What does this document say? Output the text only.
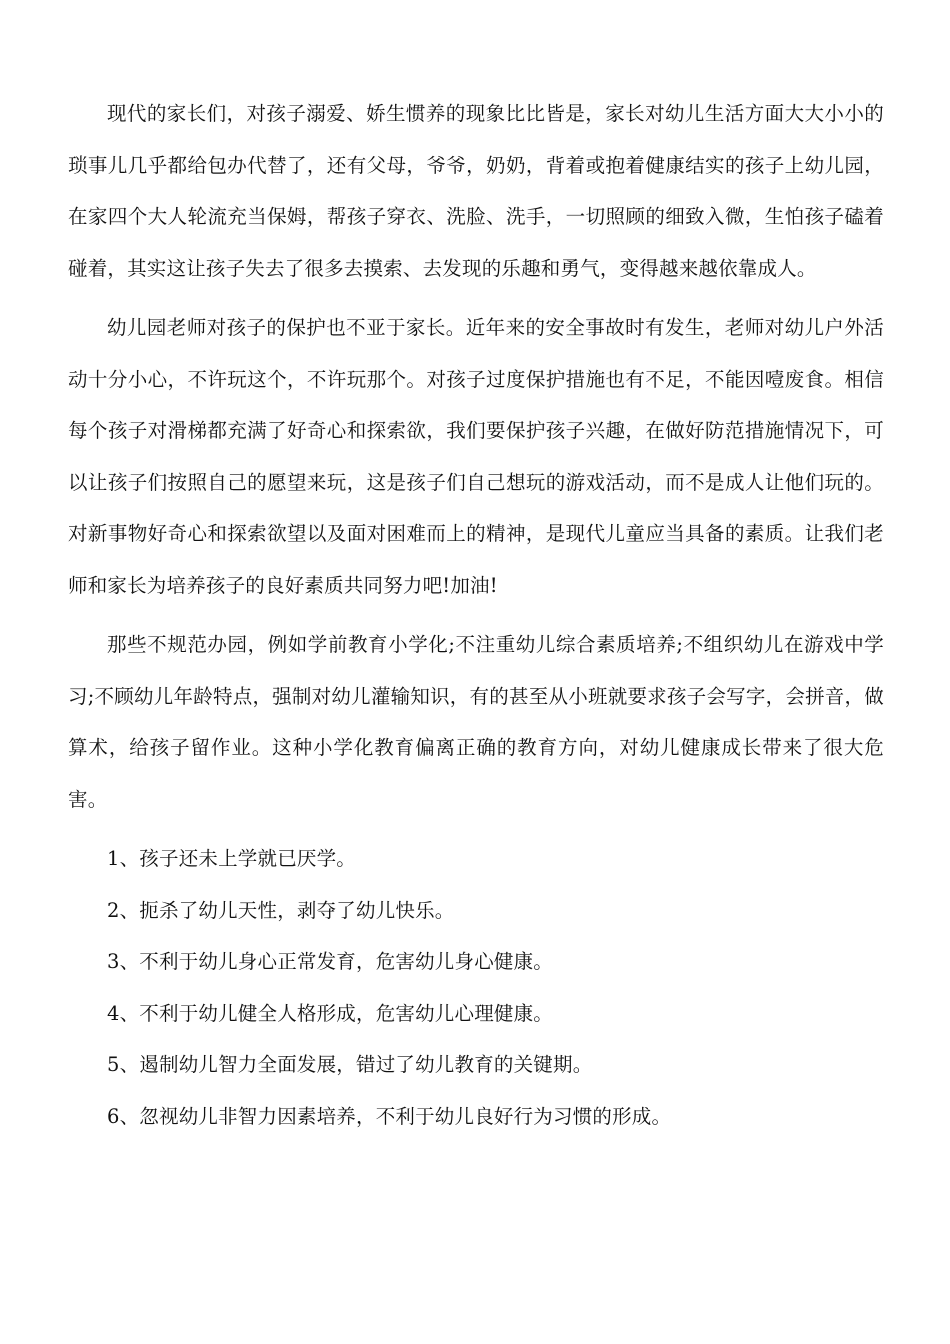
现代的家长们，对孩子溺爱、娇生惯养的现象比比皆是，家长对幼儿生活方面大大小小的琐事儿几乎都给包办代替了，还有父母，爷爷，奶奶，背着或抱着健康结实的孩子上幼儿园，在家四个大人轮流充当保姆，帮孩子穿衣、洗脸、洗手，一切照顾的细致入微，生怕孩子磕着碰着，其实这让孩子失去了很多去摸索、去发现的乐趣和勇气，变得越来越依靠成人。

幼儿园老师对孩子的保护也不亚于家长。近年来的安全事故时有发生，老师对幼儿户外活动十分小心，不许玩这个，不许玩那个。对孩子过度保护措施也有不足，不能因噎废食。相信每个孩子对滑梯都充满了好奇心和探索欲，我们要保护孩子兴趣，在做好防范措施情况下，可以让孩子们按照自己的愿望来玩，这是孩子们自己想玩的游戏活动，而不是成人让他们玩的。对新事物好奇心和探索欲望以及面对困难而上的精神，是现代儿童应当具备的素质。让我们老师和家长为培养孩子的良好素质共同努力吧!加油!

那些不规范办园，例如学前教育小学化;不注重幼儿综合素质培养;不组织幼儿在游戏中学习;不顾幼儿年龄特点，强制对幼儿灌输知识，有的甚至从小班就要求孩子会写字，会拼音，做算术，给孩子留作业。这种小学化教育偏离正确的教育方向，对幼儿健康成长带来了很大危害。

1、孩子还未上学就已厌学。
2、扼杀了幼儿天性，剥夺了幼儿快乐。
3、不利于幼儿身心正常发育，危害幼儿身心健康。
4、不利于幼儿健全人格形成，危害幼儿心理健康。
5、遏制幼儿智力全面发展，错过了幼儿教育的关键期。
6、忽视幼儿非智力因素培养，不利于幼儿良好行为习惯的形成。
